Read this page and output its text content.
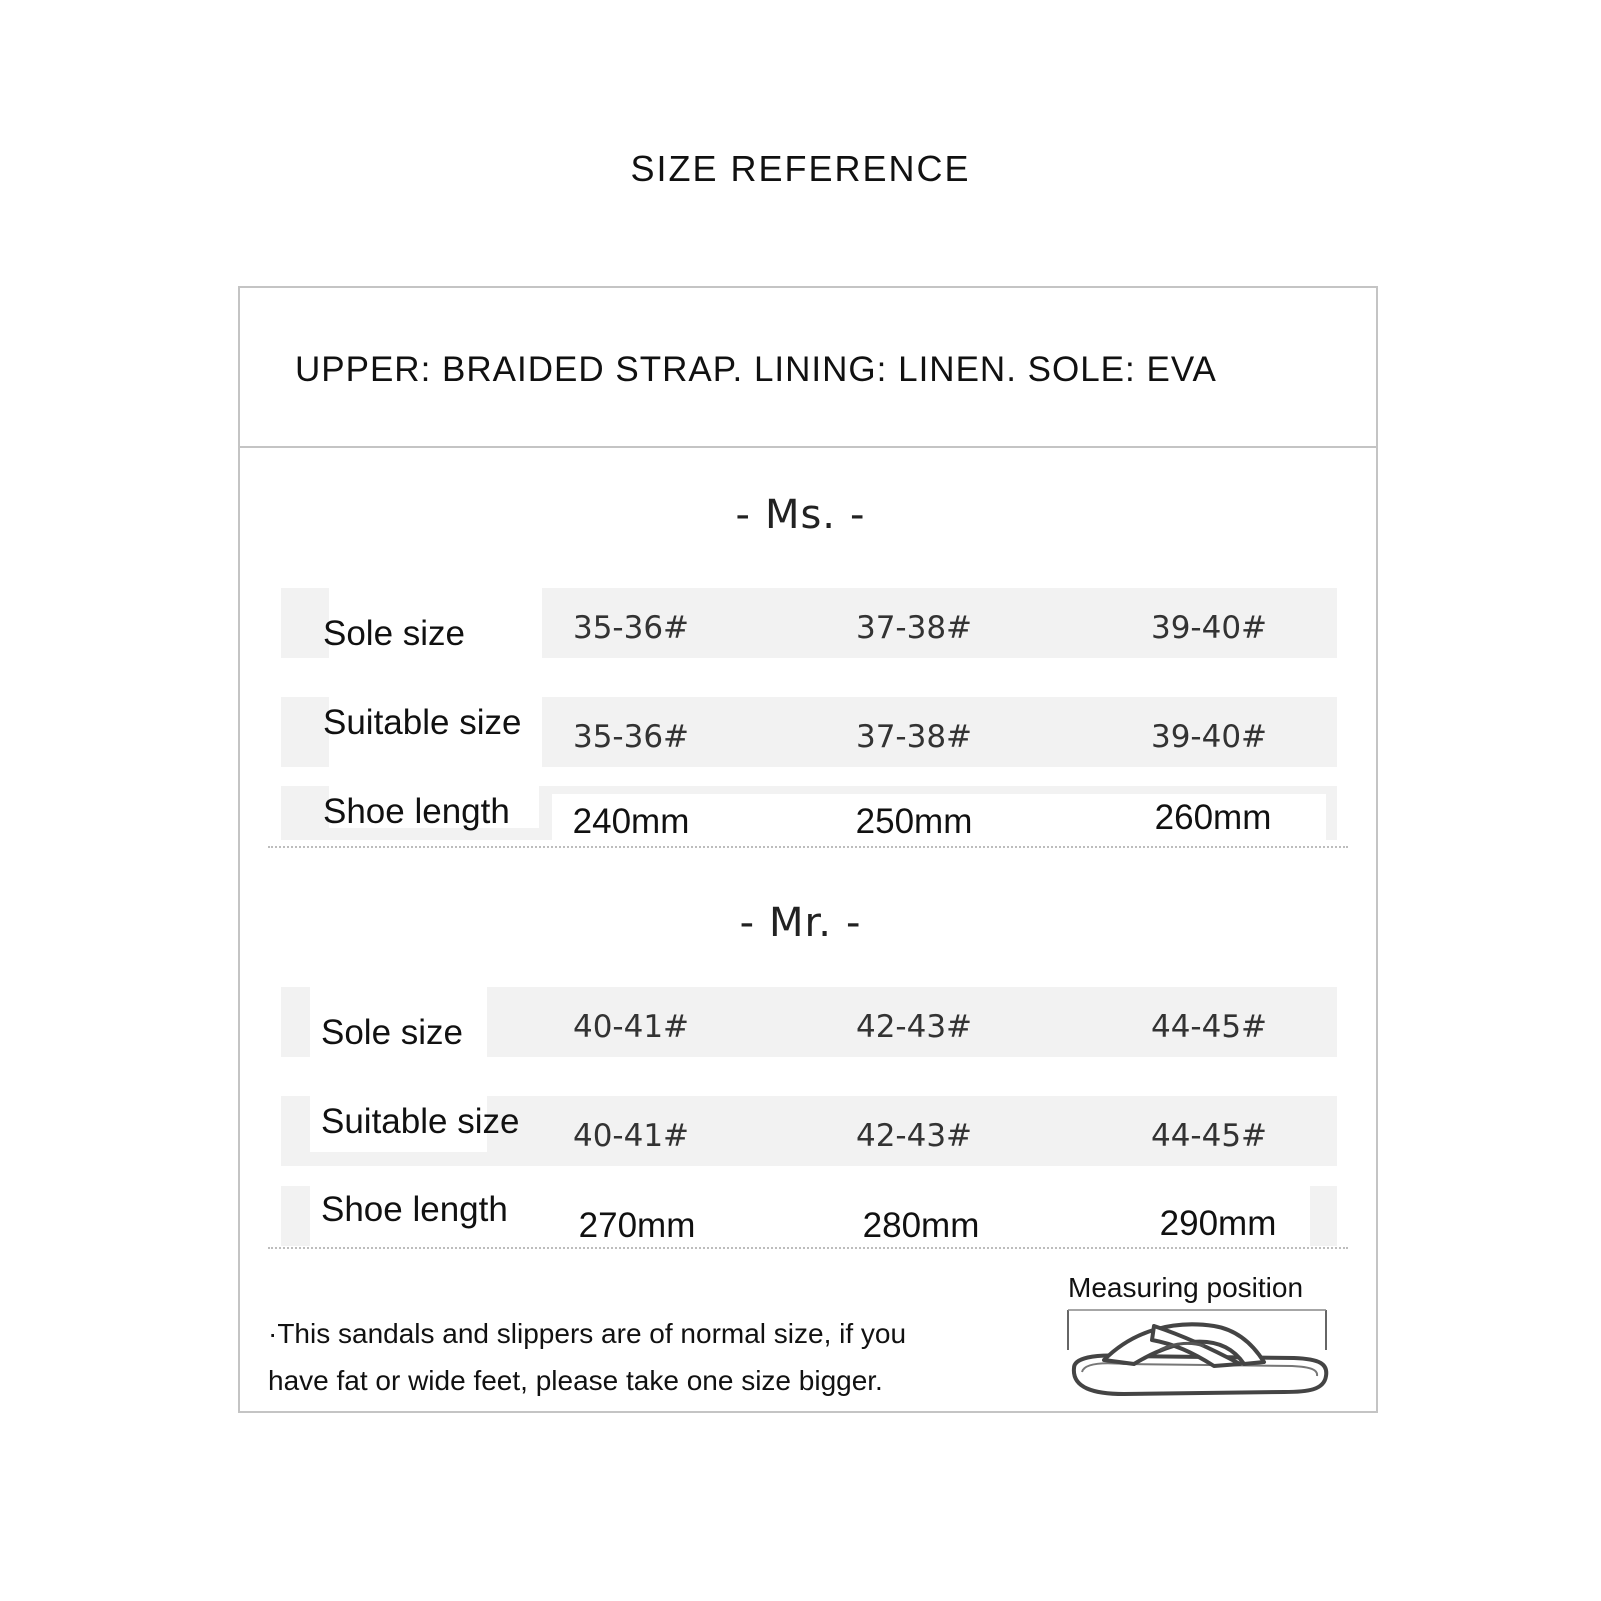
SIZE REFERENCE
UPPER: BRAIDED STRAP. LINING: LINEN. SOLE: EVA
- Ms. -
Sole size	35-36#	37-38#	39-40#
Suitable size	35-36#	37-38#	39-40#
Shoe length	240mm	250mm	260mm
- Mr. -
Sole size	40-41#	42-43#	44-45#
Suitable size	40-41#	42-43#	44-45#
Shoe length	270mm	280mm	290mm
·This sandals and slippers are of normal size, if you
have fat or wide feet, please take one size bigger.
Measuring position
